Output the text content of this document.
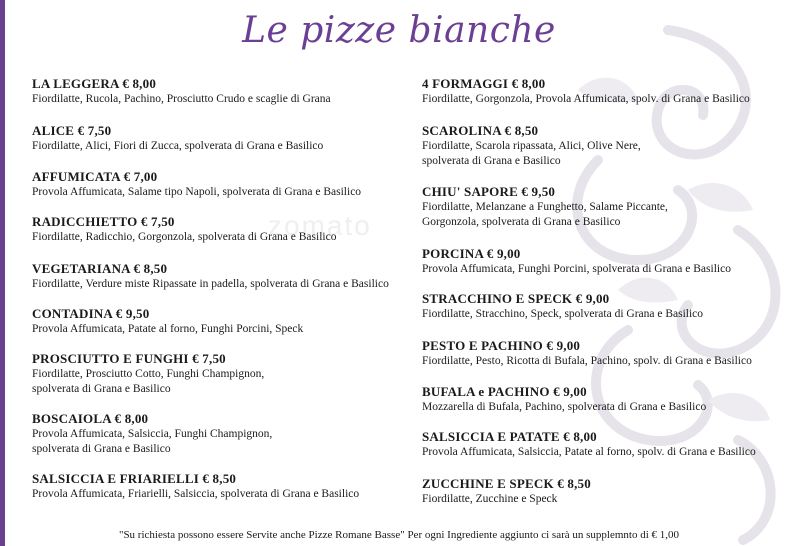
zomato
Le pizze bianche
LA LEGGERA € 8,00
Fiordilatte, Rucola, Pachino, Prosciutto Crudo e scaglie di Grana
ALICE € 7,50
Fiordilatte, Alici, Fiori di Zucca, spolverata di Grana e Basilico
AFFUMICATA € 7,00
Provola Affumicata, Salame tipo Napoli, spolverata di Grana e Basilico
RADICCHIETTO € 7,50
Fiordilatte, Radicchio, Gorgonzola, spolverata di Grana e Basilico
VEGETARIANA € 8,50
Fiordilatte, Verdure miste Ripassate in padella, spolverata di Grana e Basilico
CONTADINA € 9,50
Provola Affumicata, Patate al forno, Funghi Porcini, Speck
PROSCIUTTO E FUNGHI € 7,50
Fiordilatte, Prosciutto Cotto, Funghi Champignon,
spolverata di Grana e Basilico
BOSCAIOLA € 8,00
Provola Affumicata, Salsiccia, Funghi Champignon,
spolverata di Grana e Basilico
SALSICCIA E FRIARIELLI € 8,50
Provola Affumicata, Friarielli, Salsiccia, spolverata di Grana e Basilico
4 FORMAGGI € 8,00
Fiordilatte, Gorgonzola, Provola Affumicata, spolv. di Grana e Basilico
SCAROLINA € 8,50
Fiordilatte, Scarola ripassata, Alici, Olive Nere,
spolverata di Grana e Basilico
CHIU' SAPORE € 9,50
Fiordilatte, Melanzane a Funghetto, Salame Piccante,
Gorgonzola, spolverata di Grana e Basilico
PORCINA € 9,00
Provola Affumicata, Funghi Porcini, spolverata di Grana e Basilico
STRACCHINO E SPECK € 9,00
Fiordilatte, Stracchino, Speck, spolverata di Grana e Basilico
PESTO E PACHINO € 9,00
Fiordilatte, Pesto, Ricotta di Bufala, Pachino, spolv. di Grana e Basilico
BUFALA e PACHINO € 9,00
Mozzarella di Bufala, Pachino, spolverata di Grana e Basilico
SALSICCIA E PATATE € 8,00
Provola Affumicata, Salsiccia, Patate al forno, spolv. di Grana e Basilico
ZUCCHINE E SPECK € 8,50
Fiordilatte, Zucchine e Speck
"Su richiesta possono essere Servite anche Pizze Romane Basse" Per ogni Ingrediente aggiunto ci sarà un supplemnto di € 1,00
